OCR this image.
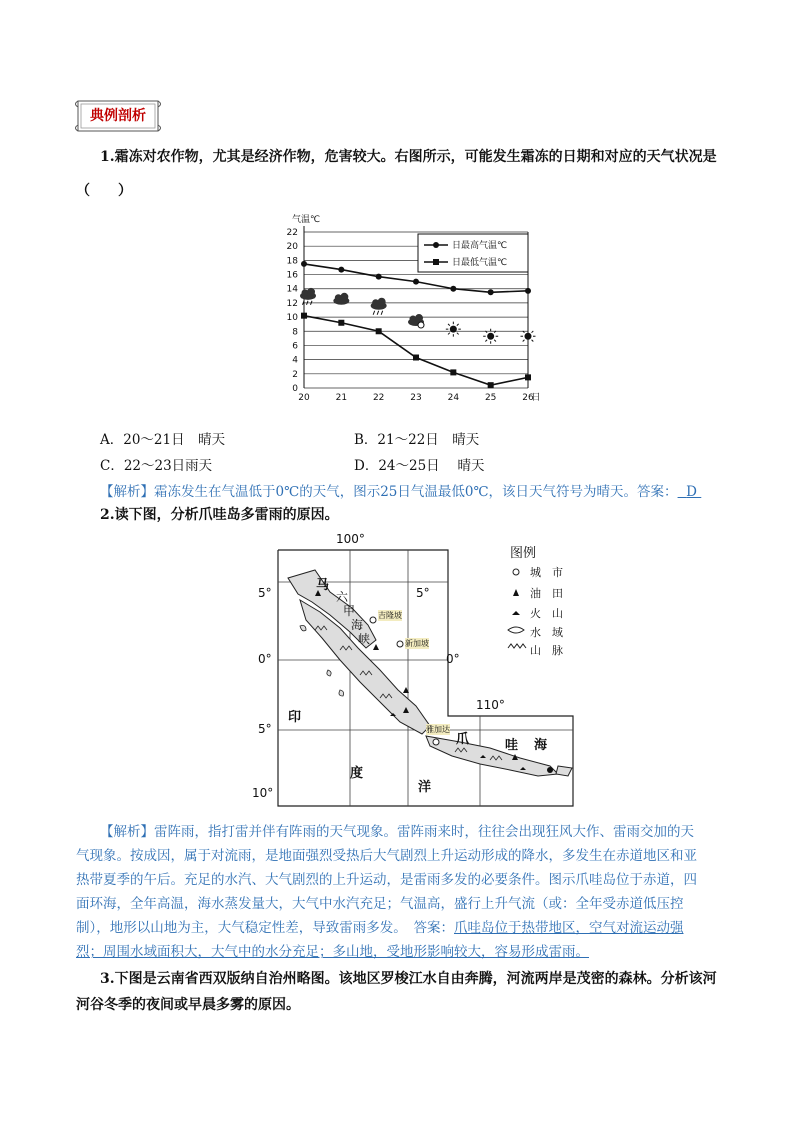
典例剖析
1.霜冻对农作物，尤其是经济作物，危害较大。右图所示，可能发生霜冻的日期和对应的天气状况是
（　　）
0
2
4
6
8
10
12
14
16
18
20
22
气温℃
20	21	22	23	24	25	26
日
日最高气温℃
日最低气温℃
A．20～21日　晴天	B．21～22日　晴天
C．22～23日雨天	D．24～25日　 晴天
【解析】霜冻发生在气温低于0℃的天气，图示25日气温最低0℃，该日天气符号为晴天。答案： D
2.读下图，分析爪哇岛多雷雨的原因。
100°
110°
5°
0°
5°
10°
5°
0°
马
六
甲
海
峡
印
度
洋
爪	哇 海
吉隆坡
新加坡
雅加达
图例
城　市
油　田
火　山
水　域
山　脉
【解析】雷阵雨，指打雷并伴有阵雨的天气现象。雷阵雨来时，往往会出现狂风大作、雷雨交加的天
气现象。按成因，属于对流雨，是地面强烈受热后大气剧烈上升运动形成的降水，多发生在赤道地区和亚
热带夏季的午后。充足的水汽、大气剧烈的上升运动，是雷雨多发的必要条件。图示爪哇岛位于赤道，四
面环海，全年高温，海水蒸发量大，大气中水汽充足；气温高，盛行上升气流（或：全年受赤道低压控
制），地形以山地为主，大气稳定性差，导致雷雨多发。　答案：爪哇岛位于热带地区，空气对流运动强
烈；周围水域面积大，大气中的水分充足；多山地，受地形影响较大，容易形成雷雨。
3.下图是云南省西双版纳自治州略图。该地区罗梭江水自由奔腾，河流两岸是茂密的森林。分析该河
河谷冬季的夜间或早晨多雾的原因。
